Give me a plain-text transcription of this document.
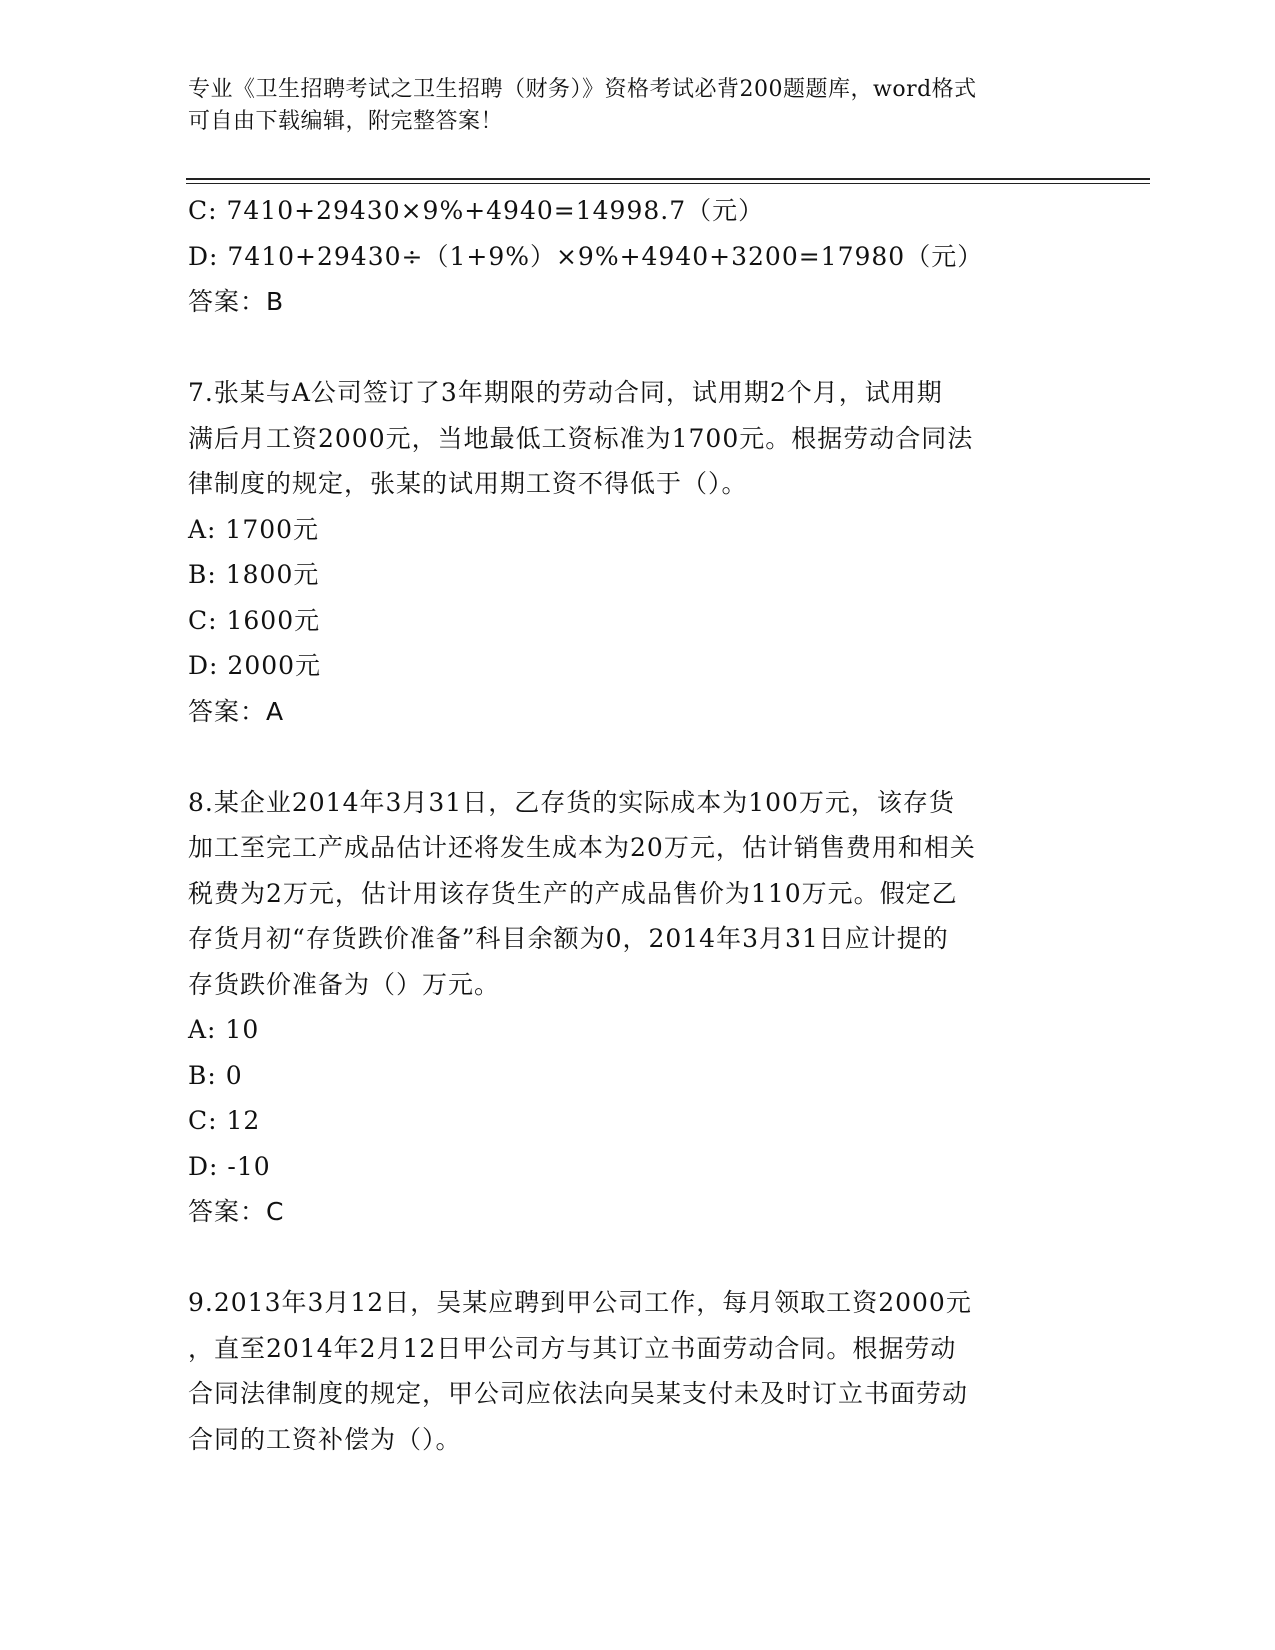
专业《卫生招聘考试之卫生招聘（财务）》资格考试必背200题题库，word格式
可自由下载编辑，附完整答案！
C: 7410+29430×9%+4940=14998.7（元）
D: 7410+29430÷（1+9%）×9%+4940+3200=17980（元）
答案：B
7.张某与A公司签订了3年期限的劳动合同，试用期2个月，试用期
满后月工资2000元，当地最低工资标准为1700元。根据劳动合同法
律制度的规定，张某的试用期工资不得低于（）。
A: 1700元
B: 1800元
C: 1600元
D: 2000元
答案：A
8.某企业2014年3月31日，乙存货的实际成本为100万元，该存货
加工至完工产成品估计还将发生成本为20万元，估计销售费用和相关
税费为2万元，估计用该存货生产的产成品售价为110万元。假定乙
存货月初“存货跌价准备”科目余额为0，2014年3月31日应计提的
存货跌价准备为（）万元。
A: 10
B: 0
C: 12
D: -10
答案：C
9.2013年3月12日，吴某应聘到甲公司工作，每月领取工资2000元
，直至2014年2月12日甲公司方与其订立书面劳动合同。根据劳动
合同法律制度的规定，甲公司应依法向吴某支付未及时订立书面劳动
合同的工资补偿为（）。
